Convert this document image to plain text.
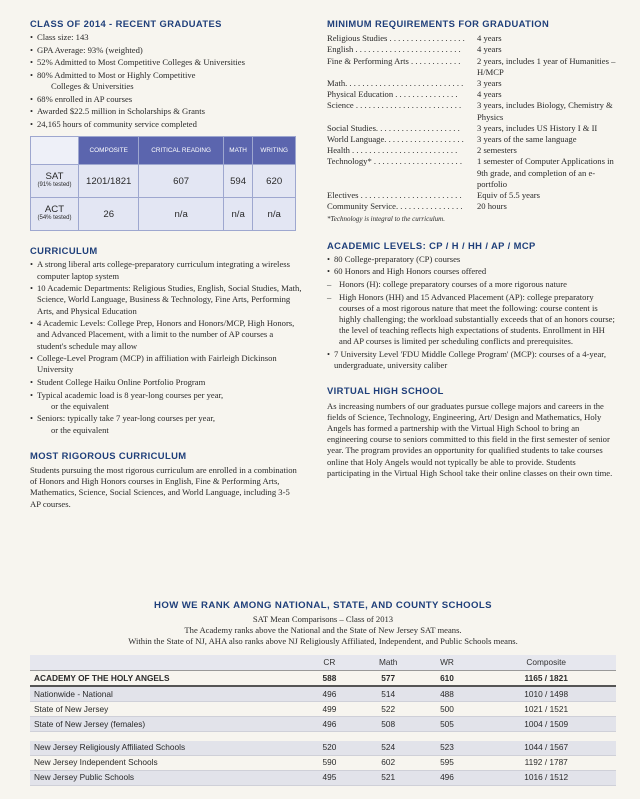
CLASS OF 2014 - RECENT GRADUATES
• Class size: 143
• GPA Average: 93% (weighted)
• 52% Admitted to Most Competitive Colleges & Universities
• 80% Admitted to Most or Highly Competitive
Colleges & Universities
• 68% enrolled in AP courses
• Awarded $22.5 million in Scholarships & Grants
• 24,165 hours of community service completed
	COMPOSITE	CRITICAL READING	MATH	WRITING

SAT
(91% tested)	1201/1821	607	594	620

ACT
(54% tested)	26	n/a	n/a	n/a
CURRICULUM
• A strong liberal arts college-preparatory curriculum integrating a wireless computer laptop system
• 10 Academic Departments: Religious Studies, English, Social Studies, Math, Science, World Language, Business & Technology, Fine Arts, Performing Arts, and Physical Education
• 4 Academic Levels: College Prep, Honors and Honors/MCP, High Honors, and Advanced Placement, with a limit to the number of AP courses a student's schedule may allow
• College-Level Program (MCP) in affiliation with Fairleigh Dickinson University
• Student College Haiku Online Portfolio Program
• Typical academic load is 8 year-long courses per year,
or the equivalent
• Seniors: typically take 7 year-long courses per year,
or the equivalent
MOST RIGOROUS CURRICULUM

Students pursuing the most rigorous curriculum are enrolled in a combination of Honors and High Honors courses in English, Fine & Performing Arts, Mathematics, Science, Social Sciences, and World Language, including 3-5 AP courses.

MINIMUM REQUIREMENTS FOR GRADUATION
Religious Studies . . . . . . . . . . . . . . . . . .	4 years
English . . . . . . . . . . . . . . . . . . . . . . . . .	4 years
Fine & Performing Arts . . . . . . . . . . . .	2 years, includes 1 year of Humanities – H/MCP
Math. . . . . . . . . . . . . . . . . . . . . . . . . . . .	3 years
Physical Education . . . . . . . . . . . . . . .	4 years
Science . . . . . . . . . . . . . . . . . . . . . . . . .	3 years, includes Biology, Chemistry & Physics
Social Studies. . . . . . . . . . . . . . . . . . . .	3 years, includes US History I & II
World Language. . . . . . . . . . . . . . . . . . .	3 years of the same language
Health . . . . . . . . . . . . . . . . . . . . . . . . .	2 semesters
Technology* . . . . . . . . . . . . . . . . . . . . .	1 semester of Computer Applications in 9th grade, and completion of an e-portfolio
Electives . . . . . . . . . . . . . . . . . . . . . . . .	Equiv of 5.5 years
Community Service. . . . . . . . . . . . . . . .	20 hours
*Technology is integral to the curriculum.
ACADEMIC LEVELS: CP / H / HH / AP / MCP
• 80 College-preparatory (CP) courses
• 60 Honors and High Honors courses offered
– Honors (H): college preparatory courses of a more rigorous nature
– High Honors (HH) and 15 Advanced Placement (AP): college preparatory courses of a most rigorous nature that meet the following: course content is highly challenging; the workload substantially exceeds that of an honors course; the level of teaching reflects high expectations of students. Enrollment in HH and AP courses is limited per scheduling conflicts and prerequisites.
• 7 University Level 'FDU Middle College Program' (MCP): courses of a 4-year, undergraduate, university caliber
VIRTUAL HIGH SCHOOL

As increasing numbers of our graduates pursue college majors and careers in the fields of Science, Technology, Engineering, Art/ Design and Mathematics, Holy Angels has formed a partnership with the Virtual High School to bring an engineering course to seniors committed to this field in the first semester of senior year. The program provides an opportunity for qualified students to take courses online that Holy Angels would not typically be able to provide. Students participating in the Virtual High School take their online classes on their own time.

HOW WE RANK AMONG NATIONAL, STATE, AND COUNTY SCHOOLS
SAT Mean Comparisons – Class of 2013
The Academy ranks above the National and the State of New Jersey SAT means.
Within the State of NJ, AHA also ranks above NJ Religiously Affiliated, Independent, and Public Schools means.
	CR	Math	WR	Composite
ACADEMY OF THE HOLY ANGELS	588	577	610	1165 / 1821
Nationwide - National	496	514	488	1010 / 1498
State of New Jersey	499	522	500	1021 / 1521
State of New Jersey (females)	496	508	505	1004 / 1509

New Jersey Religiously Affiliated Schools	520	524	523	1044 / 1567
New Jersey Independent Schools	590	602	595	1192 / 1787
New Jersey Public Schools	495	521	496	1016 / 1512
